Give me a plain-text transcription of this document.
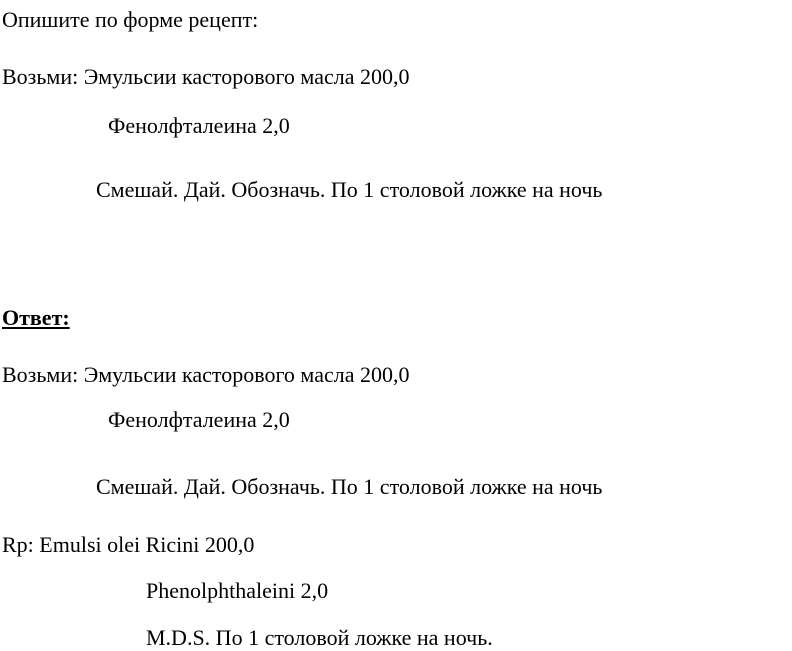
Опишите по форме рецепт:
Возьми: Эмульсии касторового масла 200,0
Фенолфталеина 2,0
Смешай. Дай. Обозначь. По 1 столовой ложке на ночь
Ответ:
Возьми: Эмульсии касторового масла 200,0
Фенолфталеина 2,0
Смешай. Дай. Обозначь. По 1 столовой ложке на ночь
Rp: Emulsi olei Ricini 200,0
Phenolphthaleini 2,0
M.D.S. По 1 столовой ложке на ночь.
